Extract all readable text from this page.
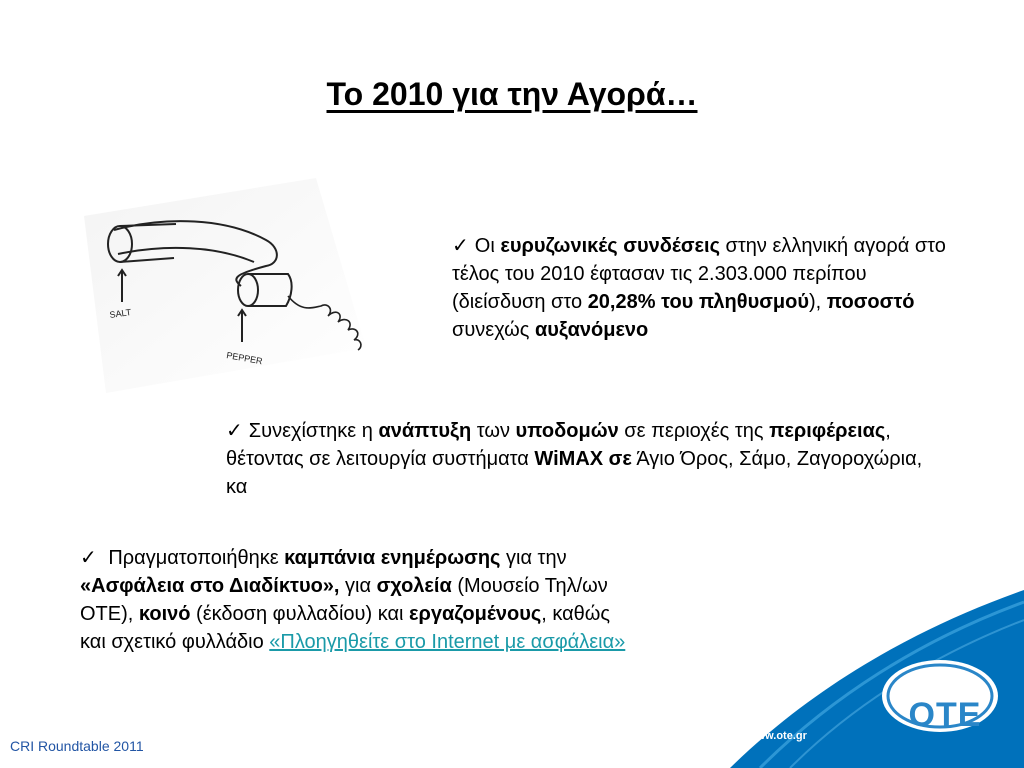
Το 2010 για την Αγορά…
SALT
PEPPER
✓ Οι ευρυζωνικές συνδέσεις στην ελληνική αγορά στο τέλος του 2010 έφτασαν τις 2.303.000 περίπου (διείσδυση στο 20,28% του πληθυσμού), ποσοστό συνεχώς αυξανόμενο
✓ Συνεχίστηκε η ανάπτυξη των υποδομών σε περιοχές της περιφέρειας, θέτοντας σε λειτουργία συστήματα WiMAX σε Άγιο Όρος, Σάμο, Ζαγοροχώρια, κα
✓ Πραγματοποιήθηκε καμπάνια ενημέρωσης για την «Ασφάλεια στο Διαδίκτυο», για σχολεία (Μουσείο Τηλ/ων ΟΤΕ), κοινό (έκδοση φυλλαδίου) και εργαζομένους, καθώς και σχετικό φυλλάδιο «Πλοηγηθείτε στο Internet με ασφάλεια»
CRI Roundtable 2011
OTE
www.ote.gr
